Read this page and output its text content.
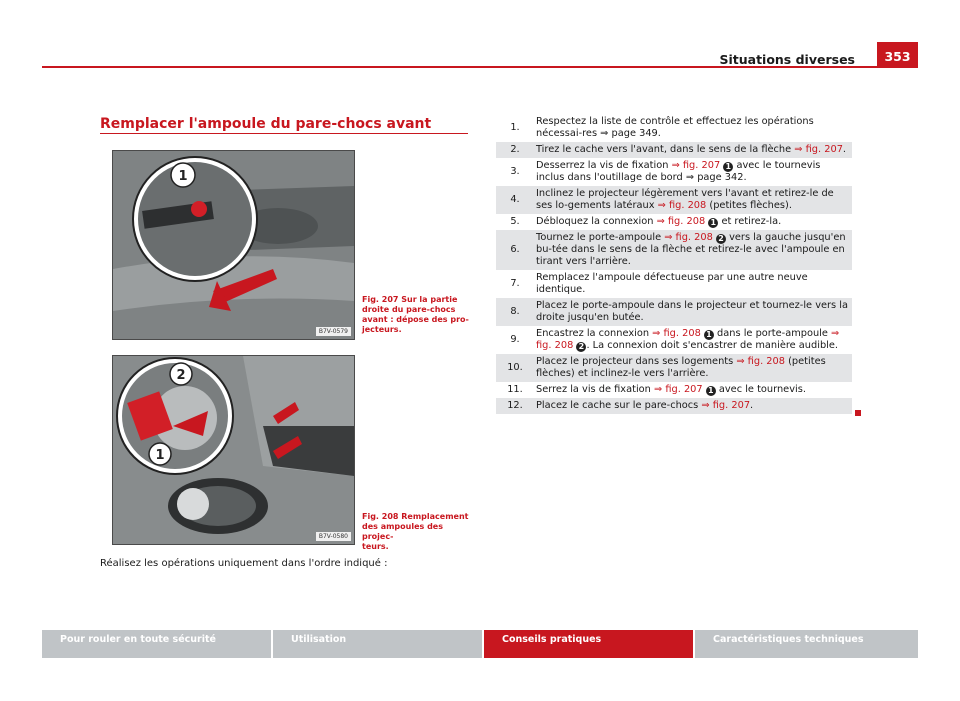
Situations diverses	353
Remplacer l'ampoule du pare-chocs avant
1
B7V-0579
Fig. 207 Sur la partie
droite du pare-chocs
avant : dépose des pro-
jecteurs.
2
1
B7V-0580
Fig. 208 Remplacement
des ampoules des projec-
teurs.
Réalisez les opérations uniquement dans l'ordre indiqué :
1.	Respectez la liste de contrôle et effectuez les opérations nécessai-res ⇒ page 349.
2.	Tirez le cache vers l'avant, dans le sens de la flèche ⇒ fig. 207.
3.	Desserrez la vis de fixation ⇒ fig. 207 1 avec le tournevis inclus dans l'outillage de bord ⇒ page 342.
4.	Inclinez le projecteur légèrement vers l'avant et retirez-le de ses lo-gements latéraux ⇒ fig. 208 (petites flèches).
5.	Débloquez la connexion ⇒ fig. 208 1 et retirez-la.
6.	Tournez le porte-ampoule ⇒ fig. 208 2 vers la gauche jusqu'en bu-tée dans le sens de la flèche et retirez-le avec l'ampoule en tirant vers l'arrière.
7.	Remplacez l'ampoule défectueuse par une autre neuve identique.
8.	Placez le porte-ampoule dans le projecteur et tournez-le vers la droite jusqu'en butée.
9.	Encastrez la connexion ⇒ fig. 208 1 dans le porte-ampoule ⇒ fig. 208 2 . La connexion doit s'encastrer de manière audible.
10.	Placez le projecteur dans ses logements ⇒ fig. 208 (petites flèches) et inclinez-le vers l'arrière.
11.	Serrez la vis de fixation ⇒ fig. 207 1 avec le tournevis.
12.	Placez le cache sur le pare-chocs ⇒ fig. 207.
Pour rouler en toute sécurité	Utilisation	Conseils pratiques	Caractéristiques techniques
